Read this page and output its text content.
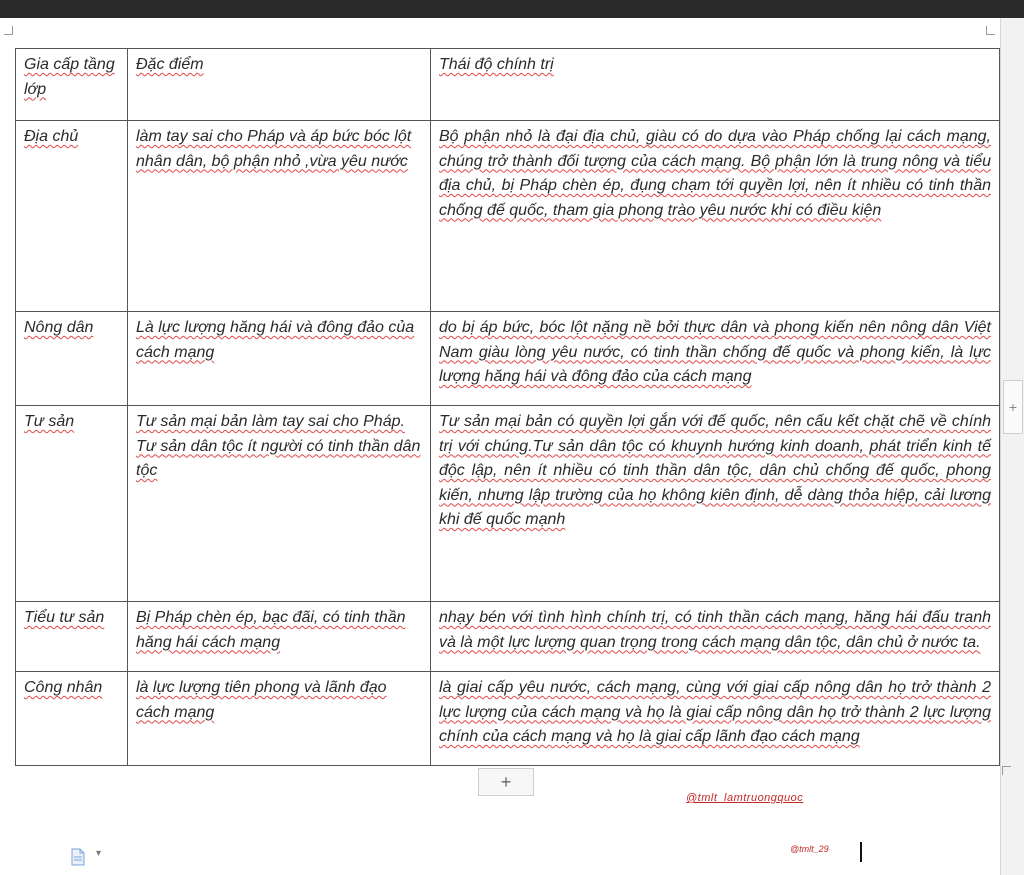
+
Gia cấp tầng lớp	Đặc điểm	Thái độ chính trị
Địa chủ	làm tay sai cho Pháp và áp bức bóc lột nhân dân, bộ phận nhỏ ,vừa yêu nước	Bộ phận nhỏ là đại địa chủ, giàu có do dựa vào Pháp chống lại cách mạng, chúng trở thành đối tượng của cách mạng. Bộ phận lớn là trung nông và tiểu địa chủ, bị Pháp chèn ép, đụng chạm tới quyền lợi, nên ít nhiều có tinh thần chống đế quốc, tham gia phong trào yêu nước khi có điều kiện
Nông dân	Là lực lượng hăng hái và đông đảo của cách mạng	do bị áp bức, bóc lột nặng nề bởi thực dân và phong kiến nên nông dân Việt Nam giàu lòng yêu nước, có tinh thần chống đế quốc và phong kiến, là lực lượng hăng hái và đông đảo của cách mạng
Tư sản	Tư sản mại bản làm tay sai cho Pháp. Tư sản dân tộc ít người có tinh thần dân tộc	Tư sản mại bản có quyền lợi gắn với đế quốc, nên cấu kết chặt chẽ về chính trị với chúng.Tư sản dân tộc có khuynh hướng kinh doanh, phát triển kinh tế độc lập, nên ít nhiều có tinh thần dân tộc, dân chủ chống đế quốc, phong kiến, nhưng lập trường của họ không kiên định, dễ dàng thỏa hiệp, cải lương khi đế quốc mạnh
Tiểu tư sản	Bị Pháp chèn ép, bạc đãi, có tinh thần hăng hái cách mạng	nhạy bén với tình hình chính trị, có tinh thần cách mạng, hăng hái đấu tranh và là một lực lượng quan trọng trong cách mạng dân tộc, dân chủ ở nước ta.
Công nhân	là lực lượng tiên phong và lãnh đạo cách mạng	là giai cấp yêu nước, cách mạng, cùng với giai cấp nông dân họ trở thành 2 lực lượng của cách mạng và họ là giai cấp nông dân họ trở thành 2 lực lượng chính của cách mạng và họ là giai cấp lãnh đạo cách mạng
+
@tmlt_lamtruongquoc
@tmlt_29
▾
